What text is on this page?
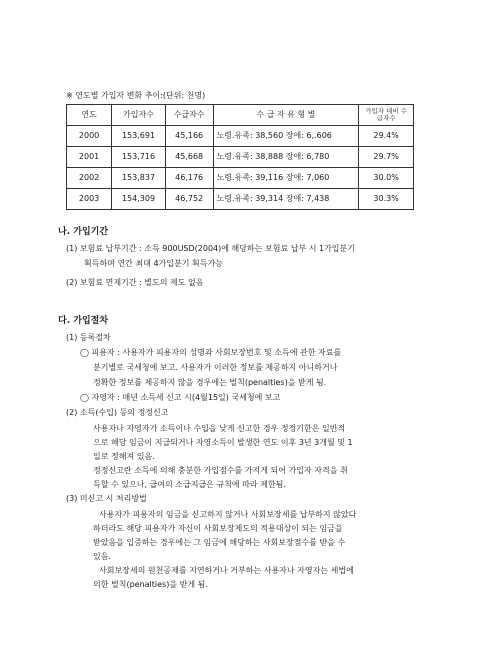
※ 연도별 가입자 변화 추이:(단위: 천명)
연도	가입자수	수급자수	수 급 자 유 형 별	가입자 대비 수급자수
2000	153,691	45,166	노령.유족: 38,560 장애: 6,.606	29.4%
2001	153,716	45,668	노령.유족: 38,888 장애: 6,780	29.7%
2002	153,837	46,176	노령.유족: 39,116 장애: 7,060	30.0%
2003	154,309	46,752	노령.유족: 39,314 장애: 7,438	30.3%
나. 가입기간
(1) 보험료 납부기간 : 소득 900USD(2004)에 해당하는 보험료 납부 시 1가입분기
획득하며 연간 최대 4가입분기 획득가능
(2) 보험료 면제기간 : 별도의 제도 없음
다. 가입절차
(1) 등록절차
◯ 피용자 : 사용자가 피용자의 성명과 사회보장번호 및 소득에 관한 자료를
분기별로 국세청에 보고. 사용자가 이러한 정보를 제공하지 아니하거나
정확한 정보를 제공하지 않을 경우에는 벌칙(penalties)을 받게 됨.
◯ 자영자 : 매년 소득세 신고 시(4월15일) 국세청에 보고
(2) 소득(수입) 등의 정정신고
사용자나 자영자가 소득이나 수입을 낮게 신고한 경우 정정기한은 일반적
으로 해당 임금이 지급되거나 자영소득이 발생한 연도 이후 3년 3개월 및 1
일로 정해져 있음.
정정신고란 소득에 의해 충분한 가입점수를 가지게 되어 가입자 자격을 취
득할 수 있으나, 급여의 소급지급은 규칙에 따라 제한됨.
(3) 미신고 시 처리방법
사용자가 피용자의 임금을 신고하지 않거나 사회보장세를 납부하지 않았다
하더라도 해당 피용자가 자신이 사회보장제도의 적용대상이 되는 임금을
받았음을 입증하는 경우에는 그 임금에 해당하는 사회보장점수를 받을 수
있음.
사회보장세의 원천공제를 지연하거나 거부하는 사용자나 자영자는 세법에
의한 벌칙(penalties)을 받게 됨.
